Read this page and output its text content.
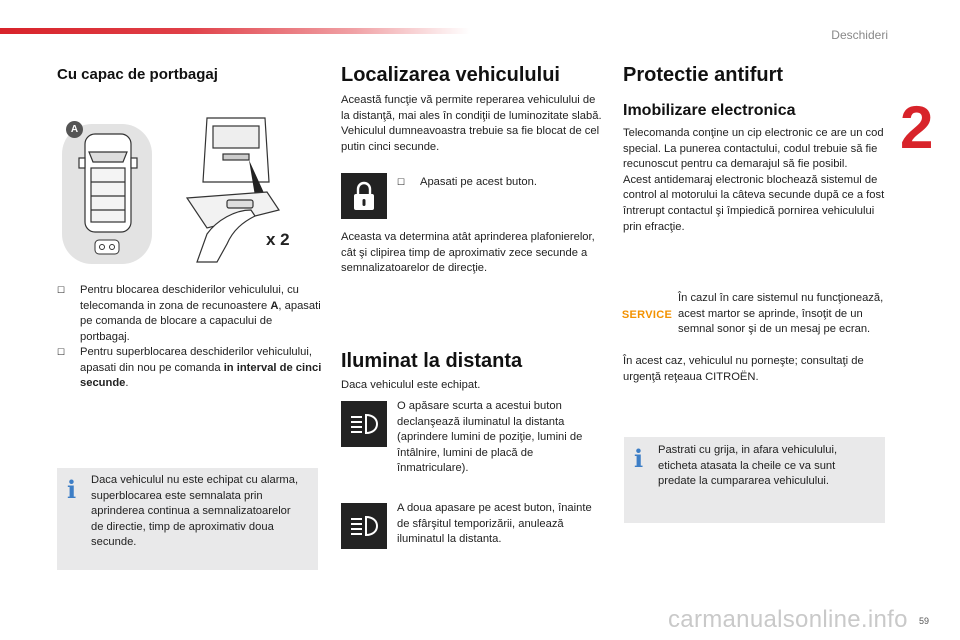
Deschideri
2
Cu capac de portbagaj
A
x 2
☐	Pentru blocarea deschiderilor vehiculului, cu telecomanda in zona de recunoastere A, apasati pe comanda de blocare a capacului de portbagaj.
☐	Pentru superblocarea deschiderilor vehiculului, apasati din nou pe comanda in interval de cinci secunde.
i Daca vehiculul nu este echipat cu alarma, superblocarea este semnalata prin aprinderea continua a semnalizatoarelor de directie, timp de aproximativ doua secunde.
Localizarea vehiculului
Această funcţie vă permite reperarea vehiculului de la distanţă, mai ales în condiţii de luminozitate slabă. Vehiculul dumneavoastra trebuie sa fie blocat de cel putin cinci secunde.
☐	Apasati pe acest buton.
Aceasta va determina atât aprinderea plafonierelor, cât şi clipirea timp de aproximativ zece secunde a semnalizatoarelor de direcţie.
Iluminat la distanta
Daca vehiculul este echipat.
O apăsare scurta a acestui buton declanşează iluminatul la distanta (aprindere lumini de poziţie, lumini de întâlnire, lumini de placă de înmatriculare).
A doua apasare pe acest buton, înainte de sfârşitul temporizării, anulează iluminatul la distanta.
Protectie antifurt
Imobilizare electronica
Telecomanda conţine un cip electronic ce are un cod special. La punerea contactului, codul trebuie să fie recunoscut pentru ca demarajul să fie posibil.
Acest antidemaraj electronic blochează sistemul de control al motorului la câteva secunde după ce a fost întrerupt contactul şi împiedică pornirea vehiculului prin efracţie.
SERVICE
În cazul în care sistemul nu funcţionează, acest martor se aprinde, însoţit de un semnal sonor şi de un mesaj pe ecran.
În acest caz, vehiculul nu porneşte; consultaţi de urgenţă reţeaua CITROËN.
i Pastrati cu grija, in afara vehiculului, eticheta atasata la cheile ce va sunt predate la cumpararea vehiculului.
carmanualsonline.info 59
